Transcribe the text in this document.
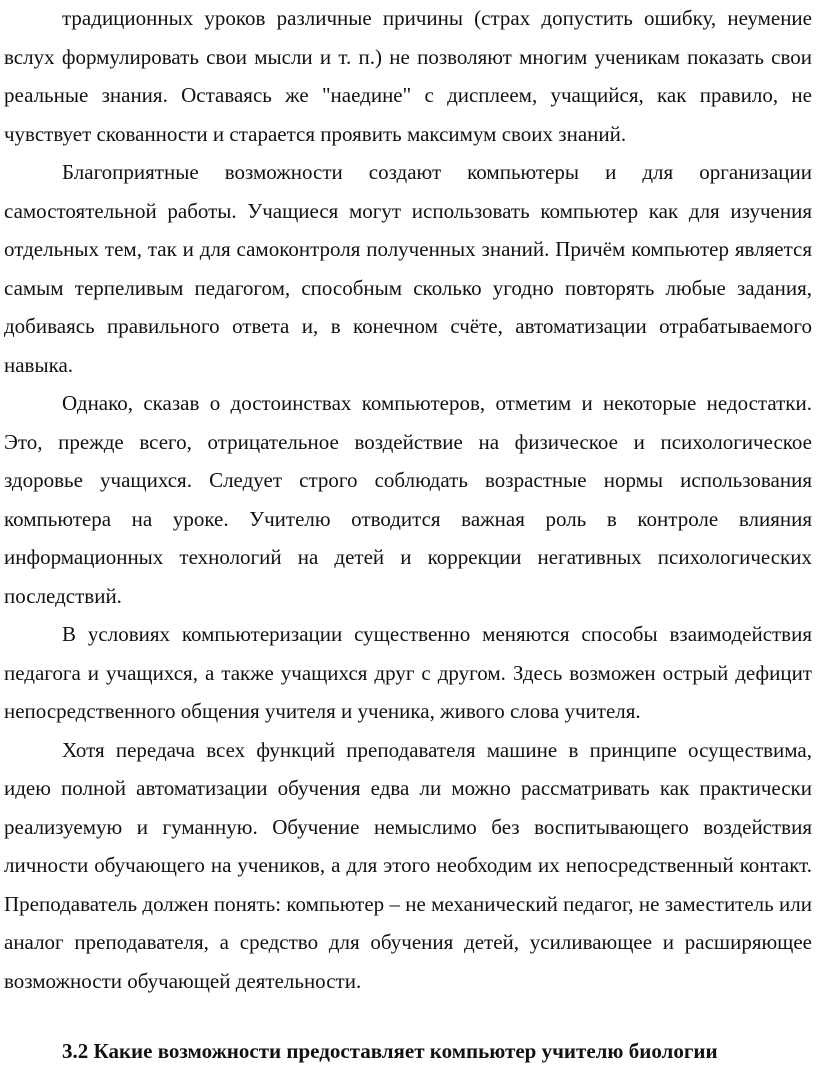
традиционных уроков различные причины (страх допустить ошибку, неумение вслух формулировать свои мысли и т. п.) не позволяют многим ученикам показать свои реальные знания. Оставаясь же "наедине" с дисплеем, учащийся, как правило, не чувствует скованности и старается проявить максимум своих знаний.

Благоприятные возможности создают компьютеры и для организации самостоятельной работы. Учащиеся могут использовать компьютер как для изучения отдельных тем, так и для самоконтроля полученных знаний. Причём компьютер является самым терпеливым педагогом, способным сколько угодно повторять любые задания, добиваясь правильного ответа и, в конечном счёте, автоматизации отрабатываемого навыка.

Однако, сказав о достоинствах компьютеров, отметим и некоторые недостатки. Это, прежде всего, отрицательное воздействие на физическое и психологическое здоровье учащихся. Следует строго соблюдать возрастные нормы использования компьютера на уроке. Учителю отводится важная роль в контроле влияния информационных технологий на детей и коррекции негативных психологических последствий.

В условиях компьютеризации существенно меняются способы взаимодействия педагога и учащихся, а также учащихся друг с другом. Здесь возможен острый дефицит непосредственного общения учителя и ученика, живого слова учителя.

Хотя передача всех функций преподавателя машине в принципе осуществима, идею полной автоматизации обучения едва ли можно рассматривать как практически реализуемую и гуманную. Обучение немыслимо без воспитывающего воздействия личности обучающего на учеников, а для этого необходим их непосредственный контакт. Преподаватель должен понять: компьютер – не механический педагог, не заместитель или аналог преподавателя, а средство для обучения детей, усиливающее и расширяющее возможности обучающей деятельности.

3.2 Какие возможности предоставляет компьютер учителю биологии
